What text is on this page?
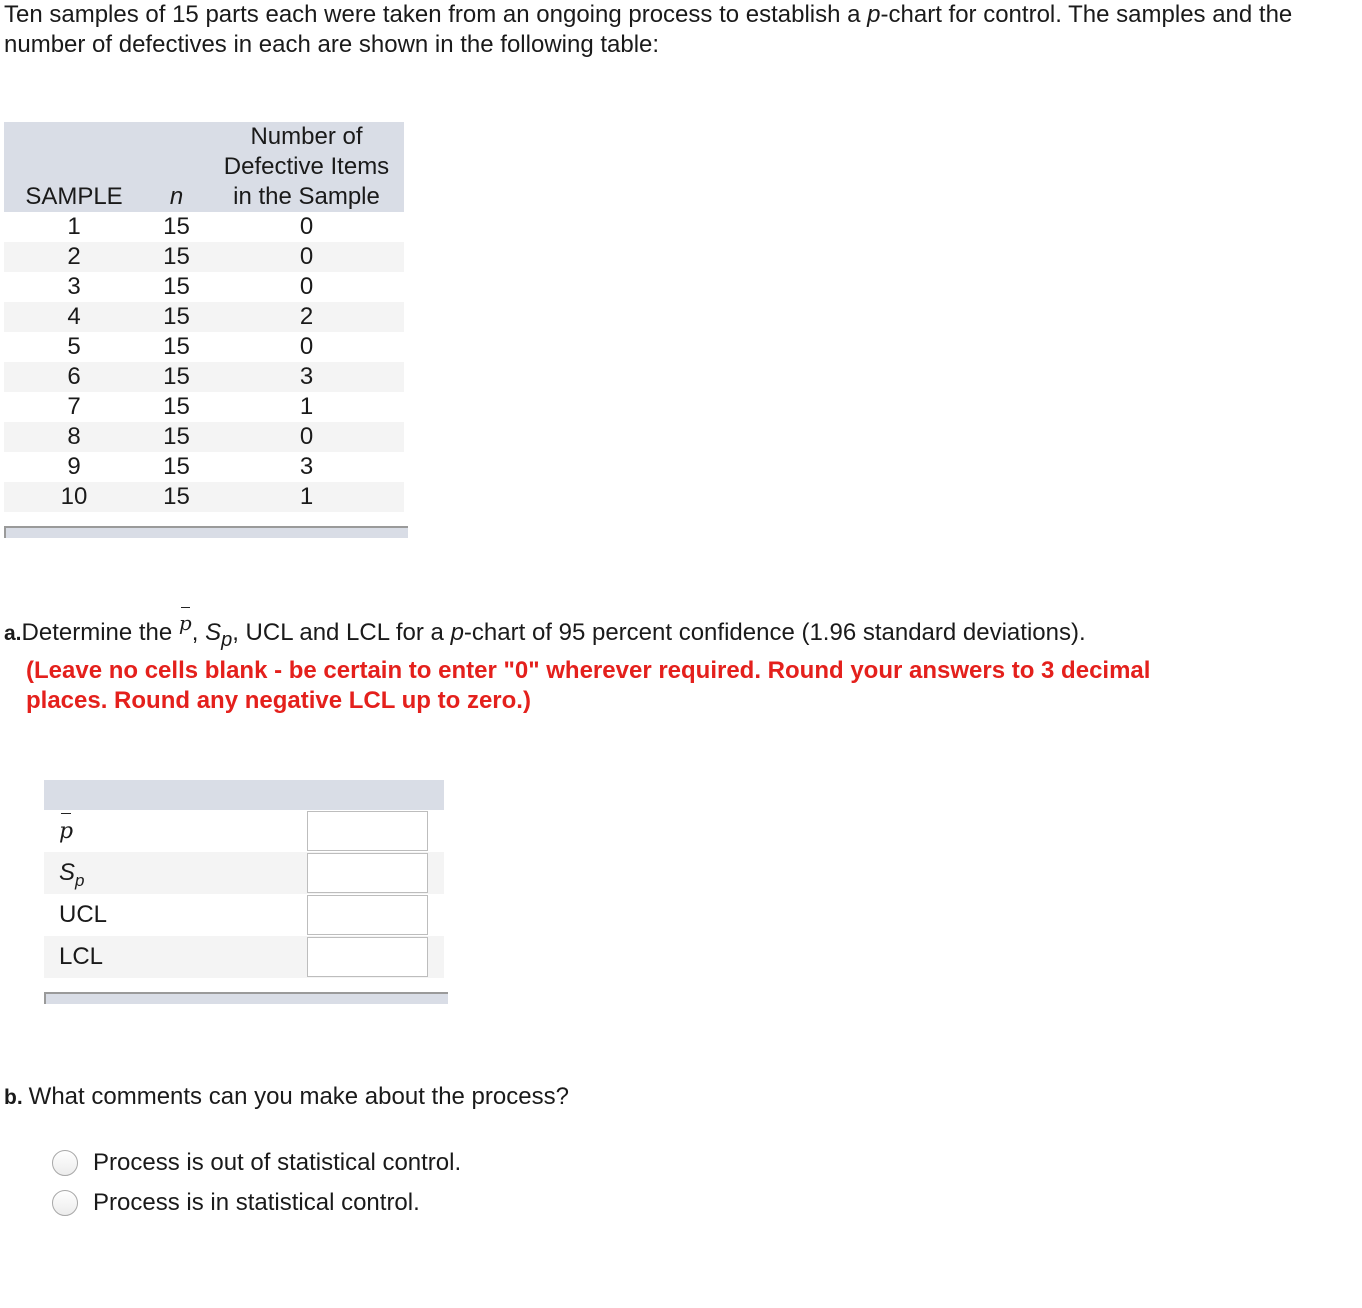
Ten samples of 15 parts each were taken from an ongoing process to establish a p-chart for control. The samples and the number of defectives in each are shown in the following table:

SAMPLE	n	Number of
Defective Items
in the Sample

1	15	0
2	15	0
3	15	0
4	15	2
5	15	0
6	15	3
7	15	1
8	15	0
9	15	3
10	15	1

a.Determine the p, $S_p$, UCL and LCL for a p-chart of 95 percent confidence (1.96 standard deviations).

(Leave no cells blank - be certain to enter "0" wherever required. Round your answers to 3 decimal places. Round any negative LCL up to zero.)

p
$S_p$
UCL
LCL

b. What comments can you make about the process?

Process is out of statistical control.
Process is in statistical control.
